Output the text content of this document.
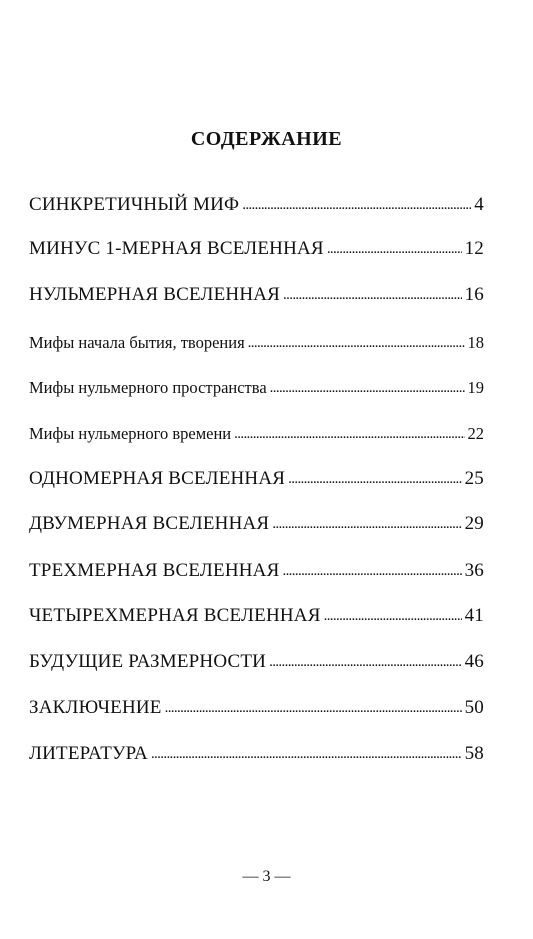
СОДЕРЖАНИЕ
СИНКРЕТИЧНЫЙ МИФ . . .	4
МИНУС 1-МЕРНАЯ ВСЕЛЕННАЯ . . .	12
НУЛЬМЕРНАЯ ВСЕЛЕННАЯ . . .	16
Мифы начала бытия, творения . . .	18
Мифы нульмерного пространства . . .	19
Мифы нульмерного времени . . .	22
ОДНОМЕРНАЯ ВСЕЛЕННАЯ . . .	25
ДВУМЕРНАЯ ВСЕЛЕННАЯ . . .	29
ТРЕХМЕРНАЯ ВСЕЛЕННАЯ . . .	36
ЧЕТЫРЕХМЕРНАЯ ВСЕЛЕННАЯ . . .	41
БУДУЩИЕ РАЗМЕРНОСТИ . . .	46
ЗАКЛЮЧЕНИЕ . . .	50
ЛИТЕРАТУРА . . .	58
— 3 —
